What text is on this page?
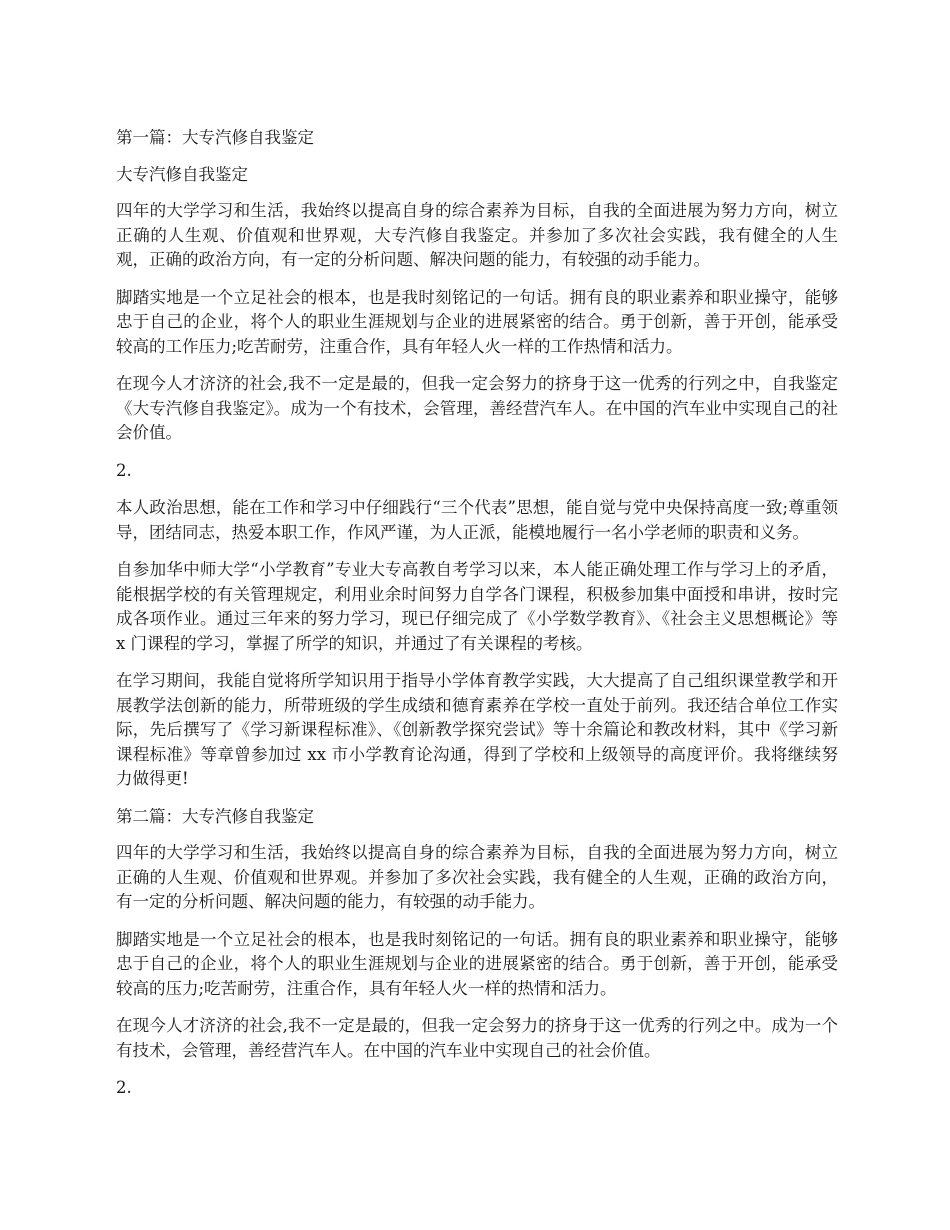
第一篇：大专汽修自我鉴定

大专汽修自我鉴定

四年的大学学习和生活，我始终以提高自身的综合素养为目标，自我的全面进展为努力方向，树立正确的人生观、价值观和世界观，大专汽修自我鉴定。并参加了多次社会实践，我有健全的人生观，正确的政治方向，有一定的分析问题、解决问题的能力，有较强的动手能力。

脚踏实地是一个立足社会的根本，也是我时刻铭记的一句话。拥有良的职业素养和职业操守，能够忠于自己的企业，将个人的职业生涯规划与企业的进展紧密的结合。勇于创新，善于开创，能承受较高的工作压力;吃苦耐劳，注重合作，具有年轻人火一样的工作热情和活力。

在现今人才济济的社会,我不一定是最的，但我一定会努力的挤身于这一优秀的行列之中，自我鉴定《大专汽修自我鉴定》。成为一个有技术，会管理，善经营汽车人。在中国的汽车业中实现自己的社会价值。

2.

本人政治思想，能在工作和学习中仔细践行“三个代表”思想，能自觉与党中央保持高度一致;尊重领导，团结同志，热爱本职工作，作风严谨，为人正派，能模地履行一名小学老师的职责和义务。

自参加华中师大学“小学教育”专业大专高教自考学习以来，本人能正确处理工作与学习上的矛盾，能根据学校的有关管理规定，利用业余时间努力自学各门课程，积极参加集中面授和串讲，按时完成各项作业。通过三年来的努力学习，现已仔细完成了《小学数学教育》、《社会主义思想概论》等 x 门课程的学习，掌握了所学的知识，并通过了有关课程的考核。

在学习期间，我能自觉将所学知识用于指导小学体育教学实践，大大提高了自己组织课堂教学和开展教学法创新的能力，所带班级的学生成绩和德育素养在学校一直处于前列。我还结合单位工作实际，先后撰写了《学习新课程标准》、《创新教学探究尝试》等十余篇论和教改材料，其中《学习新课程标准》等章曾参加过 xx 市小学教育论沟通，得到了学校和上级领导的高度评价。我将继续努力做得更!

第二篇：大专汽修自我鉴定

四年的大学学习和生活，我始终以提高自身的综合素养为目标，自我的全面进展为努力方向，树立正确的人生观、价值观和世界观。并参加了多次社会实践，我有健全的人生观，正确的政治方向，有一定的分析问题、解决问题的能力，有较强的动手能力。

脚踏实地是一个立足社会的根本，也是我时刻铭记的一句话。拥有良的职业素养和职业操守，能够忠于自己的企业，将个人的职业生涯规划与企业的进展紧密的结合。勇于创新，善于开创，能承受较高的压力;吃苦耐劳，注重合作，具有年轻人火一样的热情和活力。

在现今人才济济的社会,我不一定是最的，但我一定会努力的挤身于这一优秀的行列之中。成为一个有技术，会管理，善经营汽车人。在中国的汽车业中实现自己的社会价值。

2.
